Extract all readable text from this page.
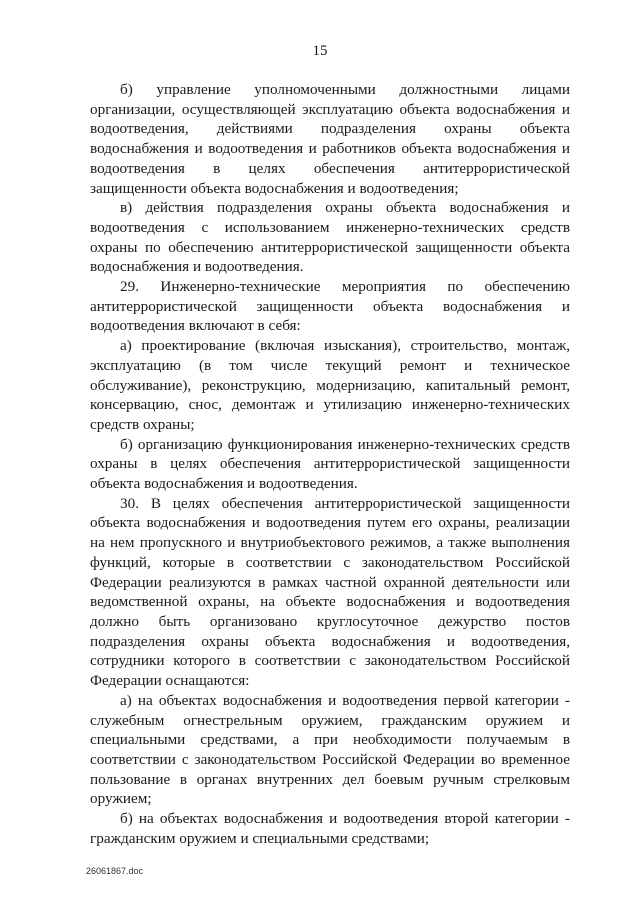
15

б) управление уполномоченными должностными лицами организации, осуществляющей эксплуатацию объекта водоснабжения и водоотведения, действиями подразделения охраны объекта водоснабжения и водоотведения и работников объекта водоснабжения и водоотведения в целях обеспечения антитеррористической защищенности объекта водоснабжения и водоотведения;

в) действия подразделения охраны объекта водоснабжения и водоотведения с использованием инженерно-технических средств охраны по обеспечению антитеррористической защищенности объекта водоснабжения и водоотведения.

29. Инженерно-технические мероприятия по обеспечению антитеррористической защищенности объекта водоснабжения и водоотведения включают в себя:

а) проектирование (включая изыскания), строительство, монтаж, эксплуатацию (в том числе текущий ремонт и техническое обслуживание), реконструкцию, модернизацию, капитальный ремонт, консервацию, снос, демонтаж и утилизацию инженерно-технических средств охраны;

б) организацию функционирования инженерно-технических средств охраны в целях обеспечения антитеррористической защищенности объекта водоснабжения и водоотведения.

30. В целях обеспечения антитеррористической защищенности объекта водоснабжения и водоотведения путем его охраны, реализации на нем пропускного и внутриобъектового режимов, а также выполнения функций, которые в соответствии с законодательством Российской Федерации реализуются в рамках частной охранной деятельности или ведомственной охраны, на объекте водоснабжения и водоотведения должно быть организовано круглосуточное дежурство постов подразделения охраны объекта водоснабжения и водоотведения, сотрудники которого в соответствии с законодательством Российской Федерации оснащаются:

а) на объектах водоснабжения и водоотведения первой категории - служебным огнестрельным оружием, гражданским оружием и специальными средствами, а при необходимости получаемым в соответствии с законодательством Российской Федерации во временное пользование в органах внутренних дел боевым ручным стрелковым оружием;

б) на объектах водоснабжения и водоотведения второй категории - гражданским оружием и специальными средствами;

26061867.doc
